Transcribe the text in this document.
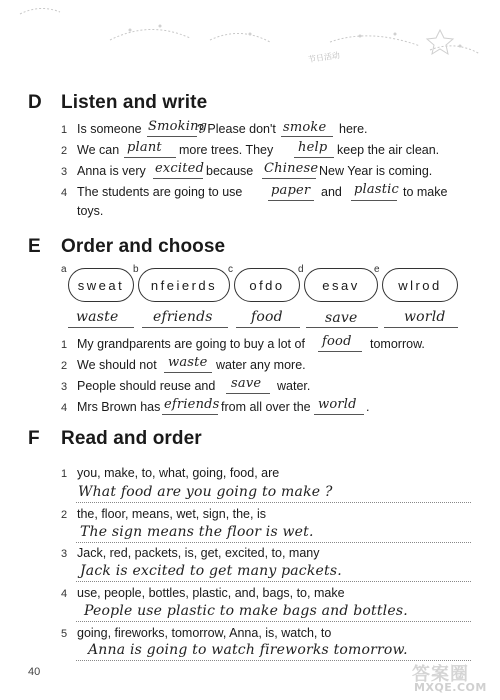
节日活动
D Listen and write
1 Is someone Smoking
? Please don't smoke here.
2 We can plant more trees. They help keep the air clean.
3 Anna is very excited because Chinese New Year is coming.
4 The students are going to use paper and plastic to make
toys.
E Order and choose
a	b	c	d	e
sweat	nfeierds	ofdo	esav	wlrod
waste efriends	food	save	world
1 My grandparents are going to buy a lot of food tomorrow.
2 We should not waste water any more.
3 People should reuse and save water.
4 Mrs Brown has efriends from all over the world .
F Read and order
1 you, make, to, what, going, food, are
What food are you going to make ?
2 the, floor, means, wet, sign, the, is
The sign means the floor is wet.
3 Jack, red, packets, is, get, excited, to, many
Jack is excited to get many packets.
4 use, people, bottles, plastic, and, bags, to, make
People use plastic to make bags and bottles.
5 going, fireworks, tomorrow, Anna, is, watch, to
Anna is going to watch fireworks tomorrow.
40	答案圈
MXQE.COM
